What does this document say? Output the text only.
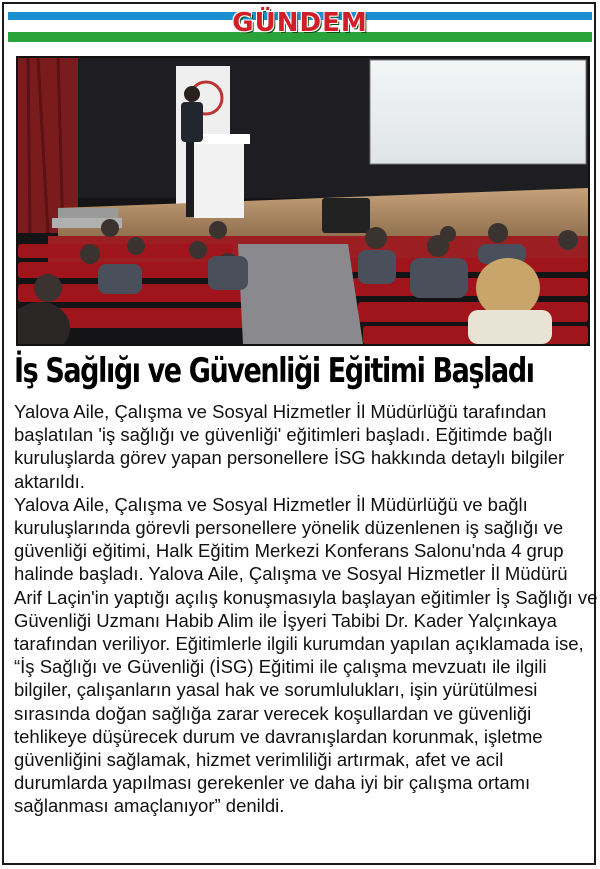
GÜNDEM
İş Sağlığı ve Güvenliği Eğitimi Başladı

Yalova Aile, Çalışma ve Sosyal Hizmetler İl Müdürlüğü tarafından başlatılan 'iş sağlığı ve güvenliği' eğitimleri başladı. Eğitimde bağlı kuruluşlarda görev yapan personellere İSG hakkında detaylı bilgiler aktarıldı.

Yalova Aile, Çalışma ve Sosyal Hizmetler İl Müdürlüğü ve bağlı kuruluşlarında görevli personellere yönelik düzenlenen iş sağlığı ve güvenliği eğitimi, Halk Eğitim Merkezi Konferans Salonu'nda 4 grup halinde başladı. Yalova Aile, Çalışma ve Sosyal Hizmetler İl Müdürü Arif Laçin'in yaptığı açılış konuşmasıyla başlayan eğitimler İş Sağlığı ve Güvenliği Uzmanı Habib Alim ile İşyeri Tabibi Dr. Kader Yalçınkaya tarafından veriliyor. Eğitimlerle ilgili kurumdan yapılan açıklamada ise, “İş Sağlığı ve Güvenliği (İSG) Eğitimi ile çalışma mevzuatı ile ilgili bilgiler, çalışanların yasal hak ve sorumlulukları, işin yürütülmesi sırasında doğan sağlığa zarar verecek koşullardan ve güvenliği tehlikeye düşürecek durum ve davranışlardan korunmak, işletme güvenliğini sağlamak, hizmet verimliliği artırmak, afet ve acil durumlarda yapılması gerekenler ve daha iyi bir çalışma ortamı sağlanması amaçlanıyor” denildi.
